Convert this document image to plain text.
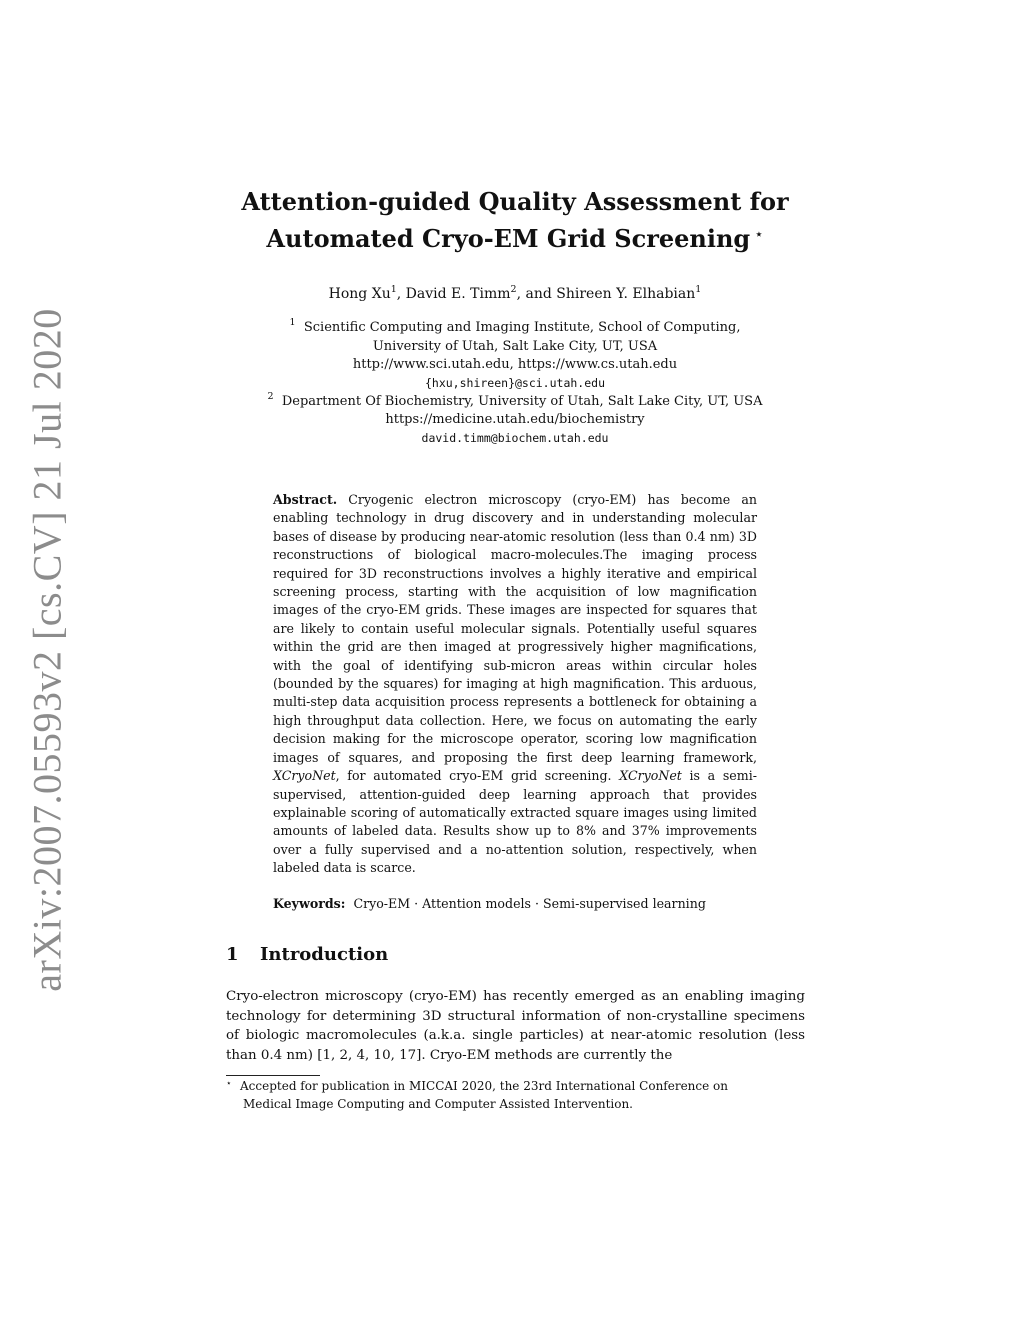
arXiv:2007.05593v2 [cs.CV] 21 Jul 2020
Attention-guided Quality Assessment for
Automated Cryo-EM Grid Screening ⋆
Hong Xu$^1$, David E. Timm$^2$, and Shireen Y. Elhabian$^1$
$^1$ Scientific Computing and Imaging Institute, School of Computing,
University of Utah, Salt Lake City, UT, USA
http://www.sci.utah.edu, https://www.cs.utah.edu
{hxu,shireen}@sci.utah.edu
$^2$ Department Of Biochemistry, University of Utah, Salt Lake City, UT, USA
https://medicine.utah.edu/biochemistry
david.timm@biochem.utah.edu
Abstract. Cryogenic electron microscopy (cryo-EM) has become an enabling technology in drug discovery and in understanding molecular bases of disease by producing near-atomic resolution (less than 0.4 nm) 3D reconstructions of biological macro-molecules.The imaging process required for 3D reconstructions involves a highly iterative and empirical screening process, starting with the acquisition of low magnification images of the cryo-EM grids. These images are inspected for squares that are likely to contain useful molecular signals. Potentially useful squares within the grid are then imaged at progressively higher magnifications, with the goal of identifying sub-micron areas within circular holes (bounded by the squares) for imaging at high magnification. This arduous, multi-step data acquisition process represents a bottleneck for obtaining a high throughput data collection. Here, we focus on automating the early decision making for the microscope operator, scoring low magnification images of squares, and proposing the first deep learning framework, XCryoNet, for automated cryo-EM grid screening. XCryoNet is a semi-supervised, attention-guided deep learning approach that provides explainable scoring of automatically extracted square images using limited amounts of labeled data. Results show up to 8% and 37% improvements over a fully supervised and a no-attention solution, respectively, when labeled data is scarce.
Keywords: Cryo-EM · Attention models · Semi-supervised learning
1 Introduction
Cryo-electron microscopy (cryo-EM) has recently emerged as an enabling imaging technology for determining 3D structural information of non-crystalline specimens of biologic macromolecules (a.k.a. single particles) at near-atomic resolution (less than 0.4 nm) [1, 2, 4, 10, 17]. Cryo-EM methods are currently the
⋆ Accepted for publication in MICCAI 2020, the 23rd International Conference on
Medical Image Computing and Computer Assisted Intervention.
